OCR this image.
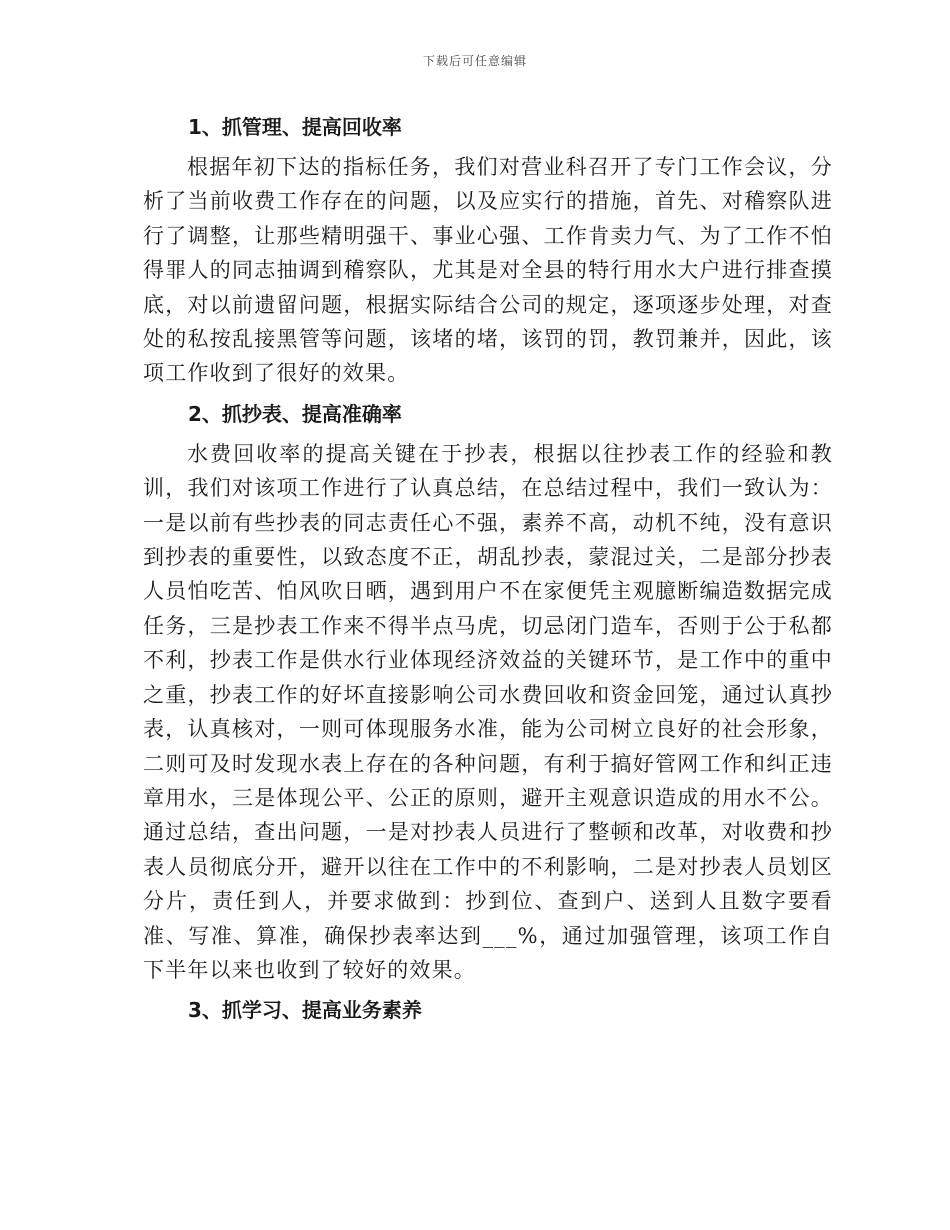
下载后可任意编辑
1、抓管理、提高回收率

根据年初下达的指标任务，我们对营业科召开了专门工作会议，分析了当前收费工作存在的问题，以及应实行的措施，首先、对稽察队进行了调整，让那些精明强干、事业心强、工作肯卖力气、为了工作不怕得罪人的同志抽调到稽察队，尤其是对全县的特行用水大户进行排查摸底，对以前遗留问题，根据实际结合公司的规定，逐项逐步处理，对查处的私按乱接黑管等问题，该堵的堵，该罚的罚，教罚兼并，因此，该项工作收到了很好的效果。

2、抓抄表、提高准确率

水费回收率的提高关键在于抄表，根据以往抄表工作的经验和教训，我们对该项工作进行了认真总结，在总结过程中，我们一致认为：一是以前有些抄表的同志责任心不强，素养不高，动机不纯，没有意识到抄表的重要性，以致态度不正，胡乱抄表，蒙混过关，二是部分抄表人员怕吃苦、怕风吹日晒，遇到用户不在家便凭主观臆断编造数据完成任务，三是抄表工作来不得半点马虎，切忌闭门造车，否则于公于私都不利，抄表工作是供水行业体现经济效益的关键环节，是工作中的重中之重，抄表工作的好坏直接影响公司水费回收和资金回笼，通过认真抄表，认真核对，一则可体现服务水准，能为公司树立良好的社会形象，二则可及时发现水表上存在的各种问题，有利于搞好管网工作和纠正违章用水，三是体现公平、公正的原则，避开主观意识造成的用水不公。通过总结，查出问题，一是对抄表人员进行了整顿和改革，对收费和抄表人员彻底分开，避开以往在工作中的不利影响，二是对抄表人员划区分片，责任到人，并要求做到：抄到位、查到户、送到人且数字要看准、写准、算准，确保抄表率达到___%，通过加强管理，该项工作自下半年以来也收到了较好的效果。

3、抓学习、提高业务素养
